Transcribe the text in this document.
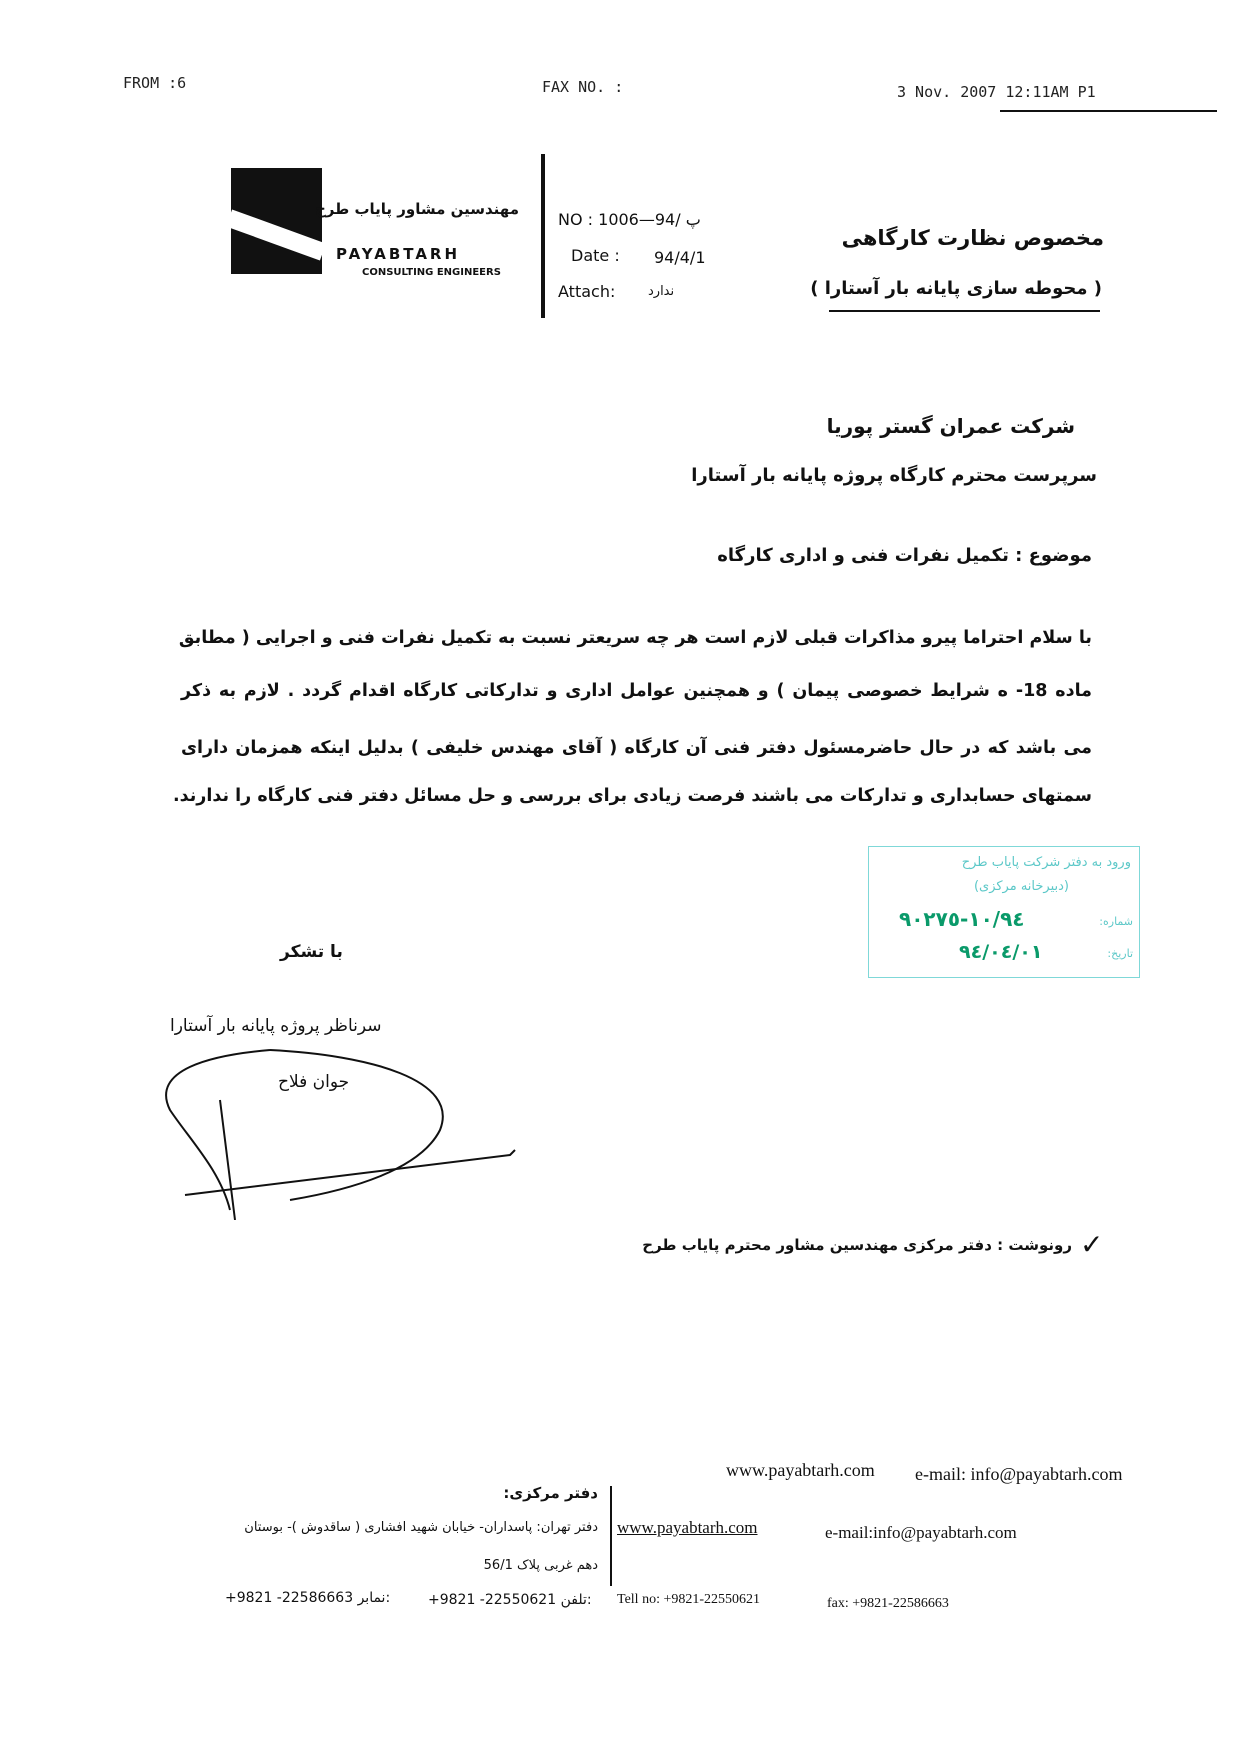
FROM :6	FAX NO. :	3 Nov. 2007 12:11AM P1
مهندسین مشاور پایاب طرح
PAYABTARH
CONSULTING ENGINEERS
NO : پ /94—1006
Date : 94/4/1
Attach:	ندارد
مخصوص نظارت کارگاهی
( محوطه سازی پایانه بار آستارا )
شرکت عمران گستر پوریا
سرپرست محترم کارگاه پروژه پایانه بار آستارا
موضوع : تکمیل نفرات فنی و اداری کارگاه
با سلام احتراما پیرو مذاکرات قبلی لازم است هر چه سریعتر نسبت به تکمیل نفرات فنی و اجرایی ( مطابق
ماده 18- ه شرایط خصوصی پیمان ) و همچنین عوامل اداری و تدارکاتی کارگاه اقدام گردد . لازم به ذکر
می باشد که در حال حاضرمسئول دفتر فنی آن کارگاه ( آقای مهندس خلیفی ) بدلیل اینکه همزمان دارای
سمتهای حسابداری و تدارکات می باشند فرصت زیادی برای بررسی و حل مسائل دفتر فنی کارگاه را ندارند.
ورود به دفتر شرکت پایاب طرح
(دبیرخانه مرکزی)
شماره:
١٠/٩٤-٩٠٢٧٥
تاریخ:
٩٤/٠٤/٠١
با تشکر
سرناظر پروژه پایانه بار آستارا
جوان فلاح
✓
رونوشت : دفتر مرکزی مهندسین مشاور محترم پایاب طرح
www.payabtarh.com e-mail: info@payabtarh.com
دفتر مرکزی:
دفتر تهران: پاسداران- خیابان شهید افشاری ( ساقدوش )- بوستان
دهم غربی پلاک 56/1
+9821 -22550621 تلفن:
+9821 -22586663 نمابر:
www.payabtarh.com	e-mail:info@payabtarh.com
Tell no: +9821-22550621	fax: +9821-22586663
